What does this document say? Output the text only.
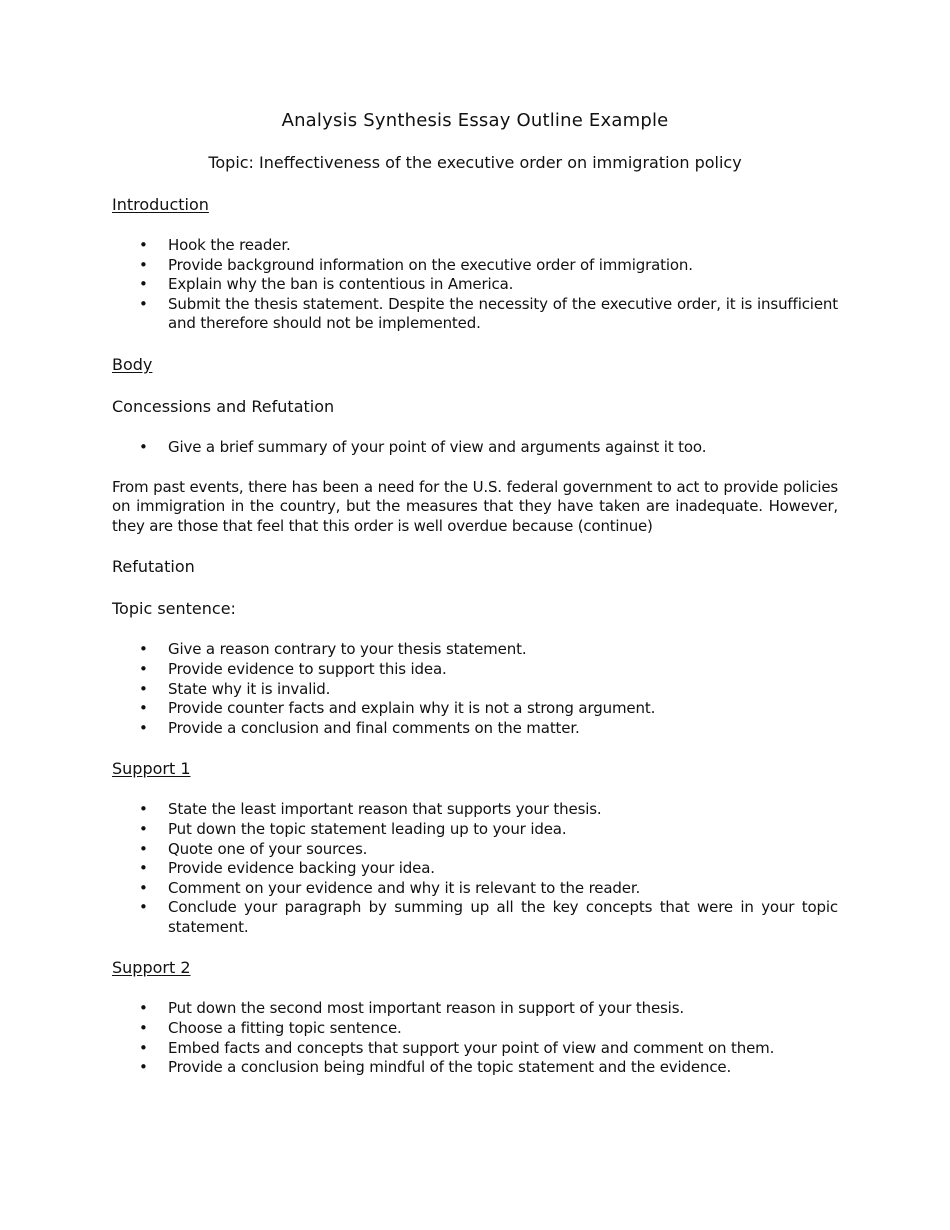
Analysis Synthesis Essay Outline Example
Topic: Ineffectiveness of the executive order on immigration policy
Introduction
• Hook the reader.
• Provide background information on the executive order of immigration.
• Explain why the ban is contentious in America.
• Submit the thesis statement. Despite the necessity of the executive order, it is insufficient and therefore should not be implemented.
Body
Concessions and Refutation
• Give a brief summary of your point of view and arguments against it too.
From past events, there has been a need for the U.S. federal government to act to provide policies on immigration in the country, but the measures that they have taken are inadequate. However, they are those that feel that this order is well overdue because (continue)
Refutation
Topic sentence:
• Give a reason contrary to your thesis statement.
• Provide evidence to support this idea.
• State why it is invalid.
• Provide counter facts and explain why it is not a strong argument.
• Provide a conclusion and final comments on the matter.
Support 1
• State the least important reason that supports your thesis.
• Put down the topic statement leading up to your idea.
• Quote one of your sources.
• Provide evidence backing your idea.
• Comment on your evidence and why it is relevant to the reader.
• Conclude your paragraph by summing up all the key concepts that were in your topic statement.
Support 2
• Put down the second most important reason in support of your thesis.
• Choose a fitting topic sentence.
• Embed facts and concepts that support your point of view and comment on them.
• Provide a conclusion being mindful of the topic statement and the evidence.
